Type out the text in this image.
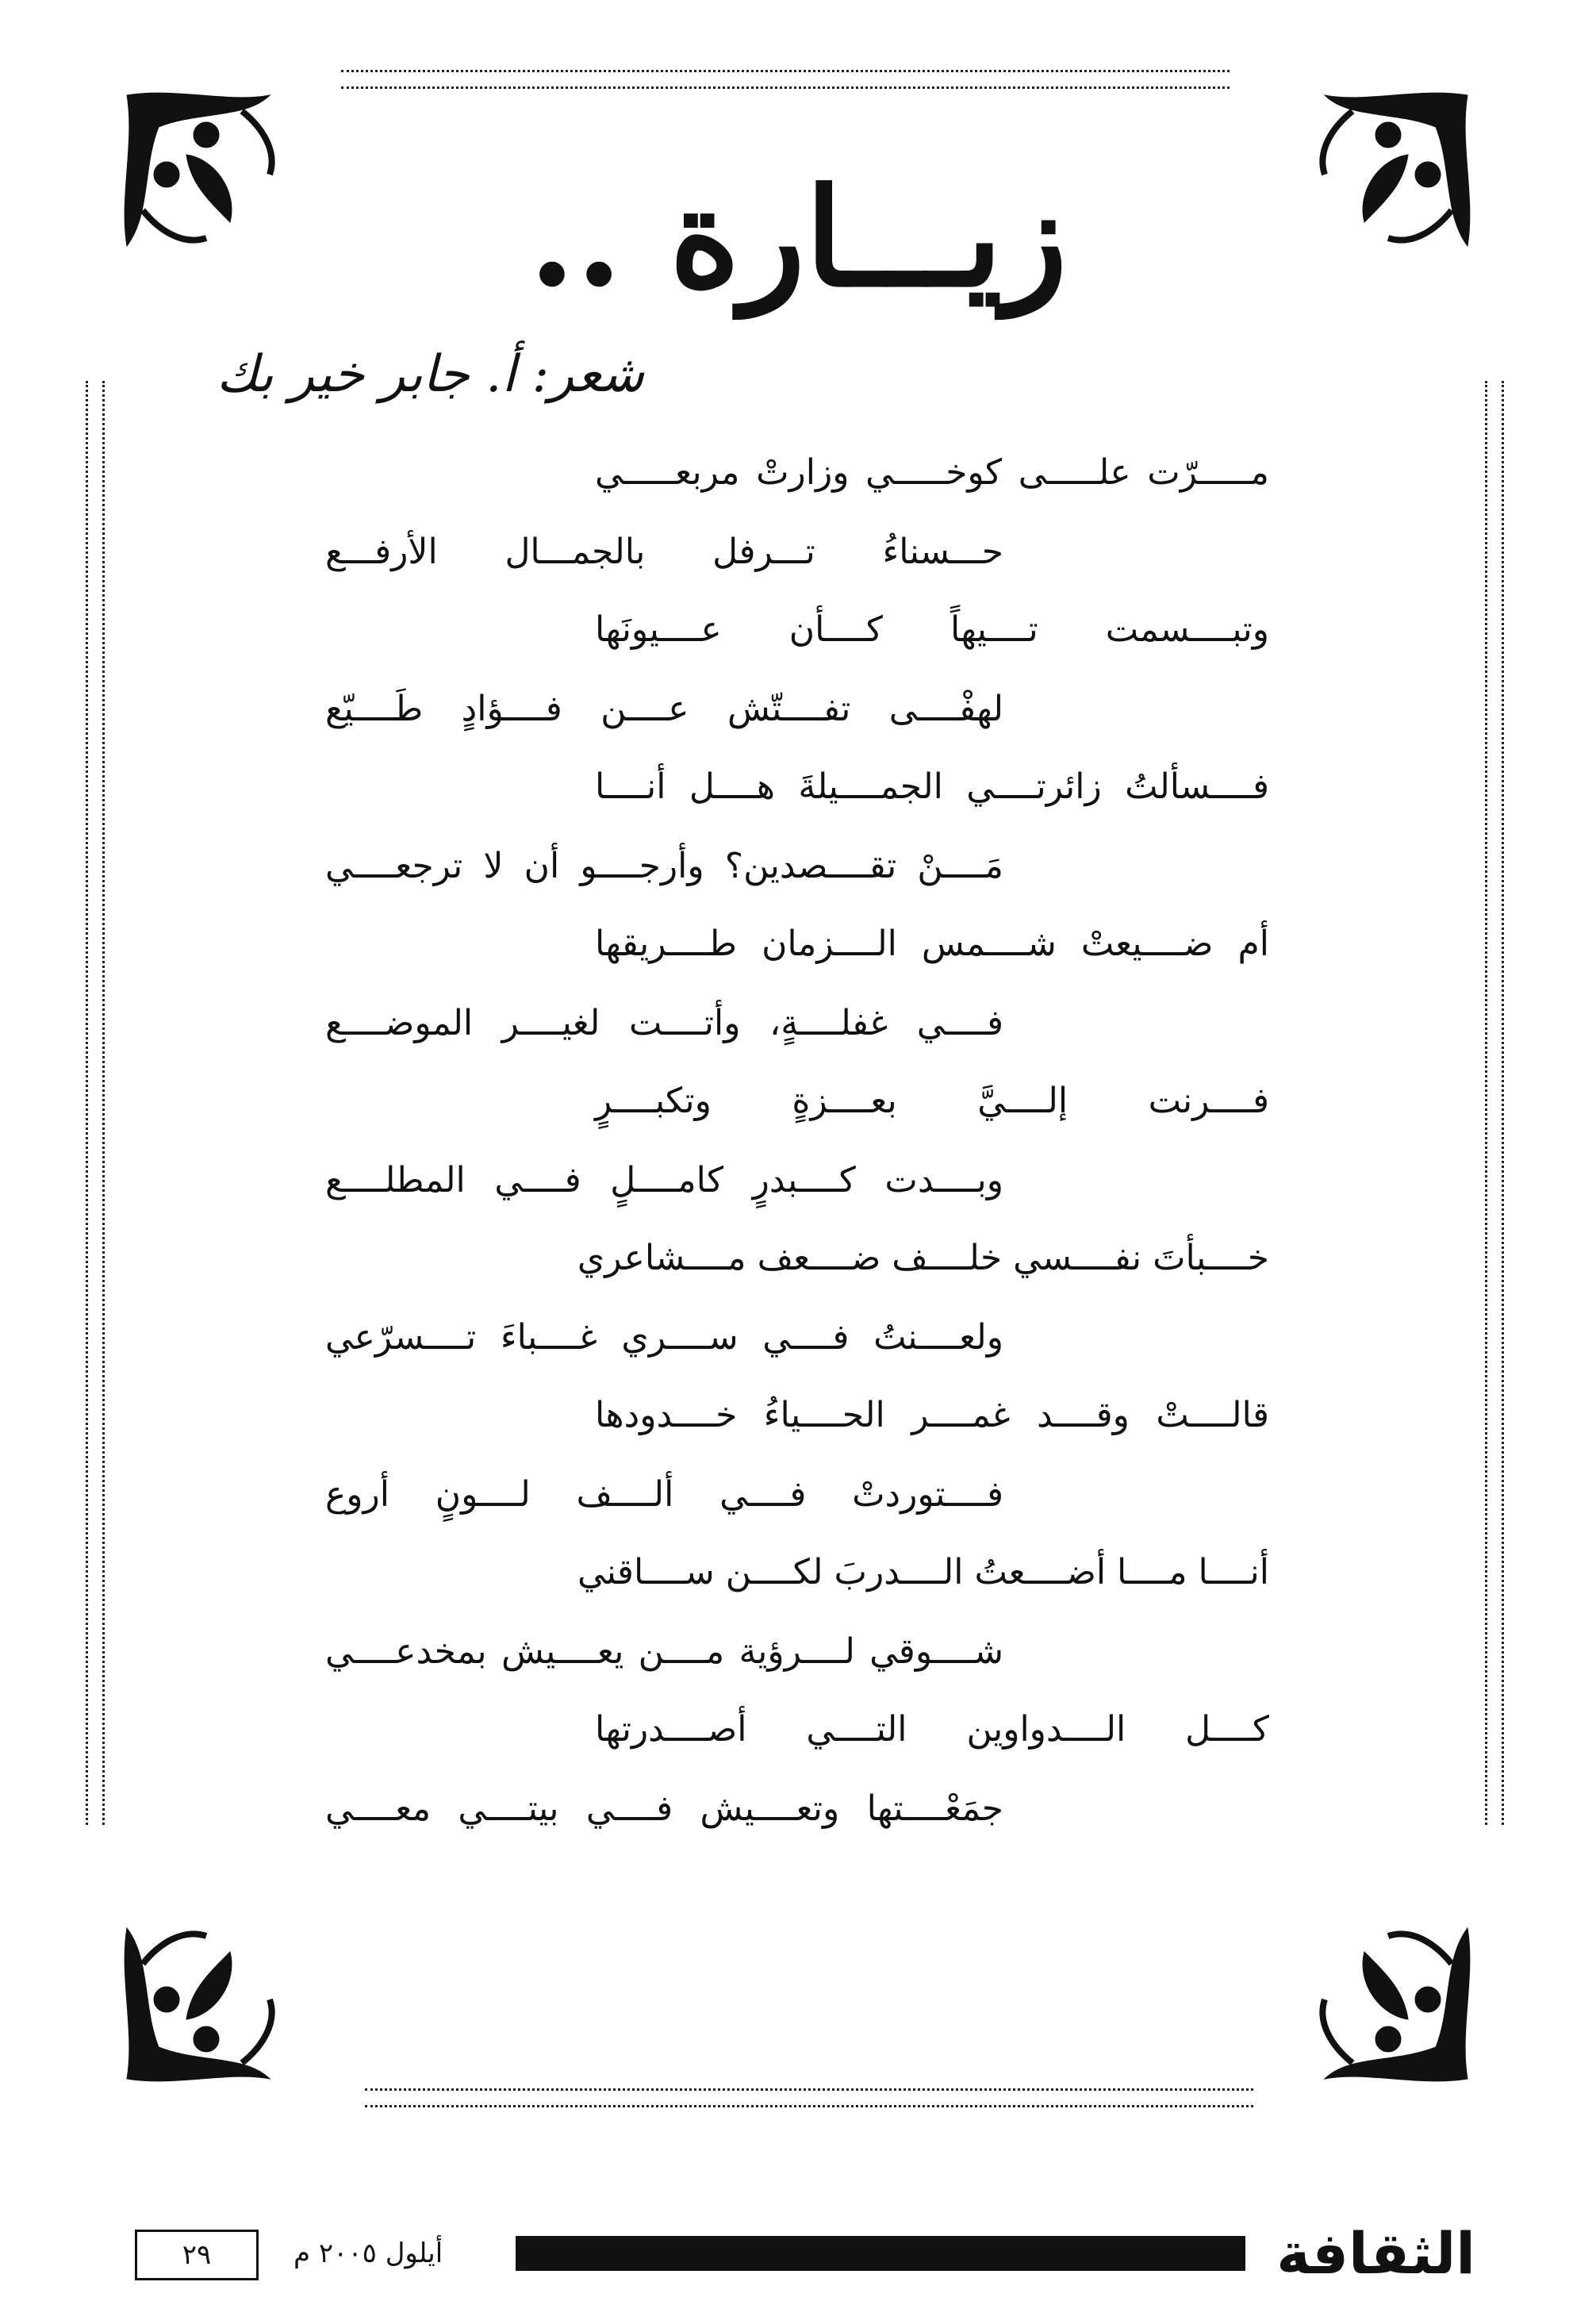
زيـــارة ..
شعر: أ. جابر خير بك
مـــــرّت علـــــى كوخـــــي وزارتْ مربعـــــي
حـــسناءُ تـــرفل بالجمـــال الأرفـــع
وتبــــسمت تــــيهاً كــــأن عــــيونَها
لهفْــــى تفــــتّش عــــن فــــؤادٍ طَــــيّع
فــــسألتُ زائرتــــي الجمــــيلةَ هــــل أنــــا
مَــــنْ تقــــصدين؟ وأرجــــو أن لا ترجعــــي
أم ضــــيعتْ شــــمس الــــزمان طــــريقها
فــــي غفلــــةٍ، وأتــــت لغيــــر الموضــــع
فــــرنت إلــــيَّ بعــــزةٍ وتكبــــرٍ
وبــــدت كــــبدرٍ كامــــلٍ فــــي المطلــــع
خــــبأتَ نفــــسي خلــــف ضــــعف مــــشاعري
ولعــــنتُ فــــي ســــري غــــباءَ تــــسرّعي
قالــــتْ وقــــد غمــــر الحــــياءُ خــــدودها
فــــتوردتْ فــــي ألــــف لــــونٍ أروع
أنــــا مــــا أضــــعتُ الــــدربَ لكــــن ســــاقني
شــــوقي لــــرؤية مــــن يعــــيش بمخدعــــي
كــــل الــــدواوين التــــي أصــــدرتها
جمَعْــــتها وتعــــيش فــــي بيتــــي معــــي
الثقافة
أيلول ٢٠٠٥ م
٢٩
